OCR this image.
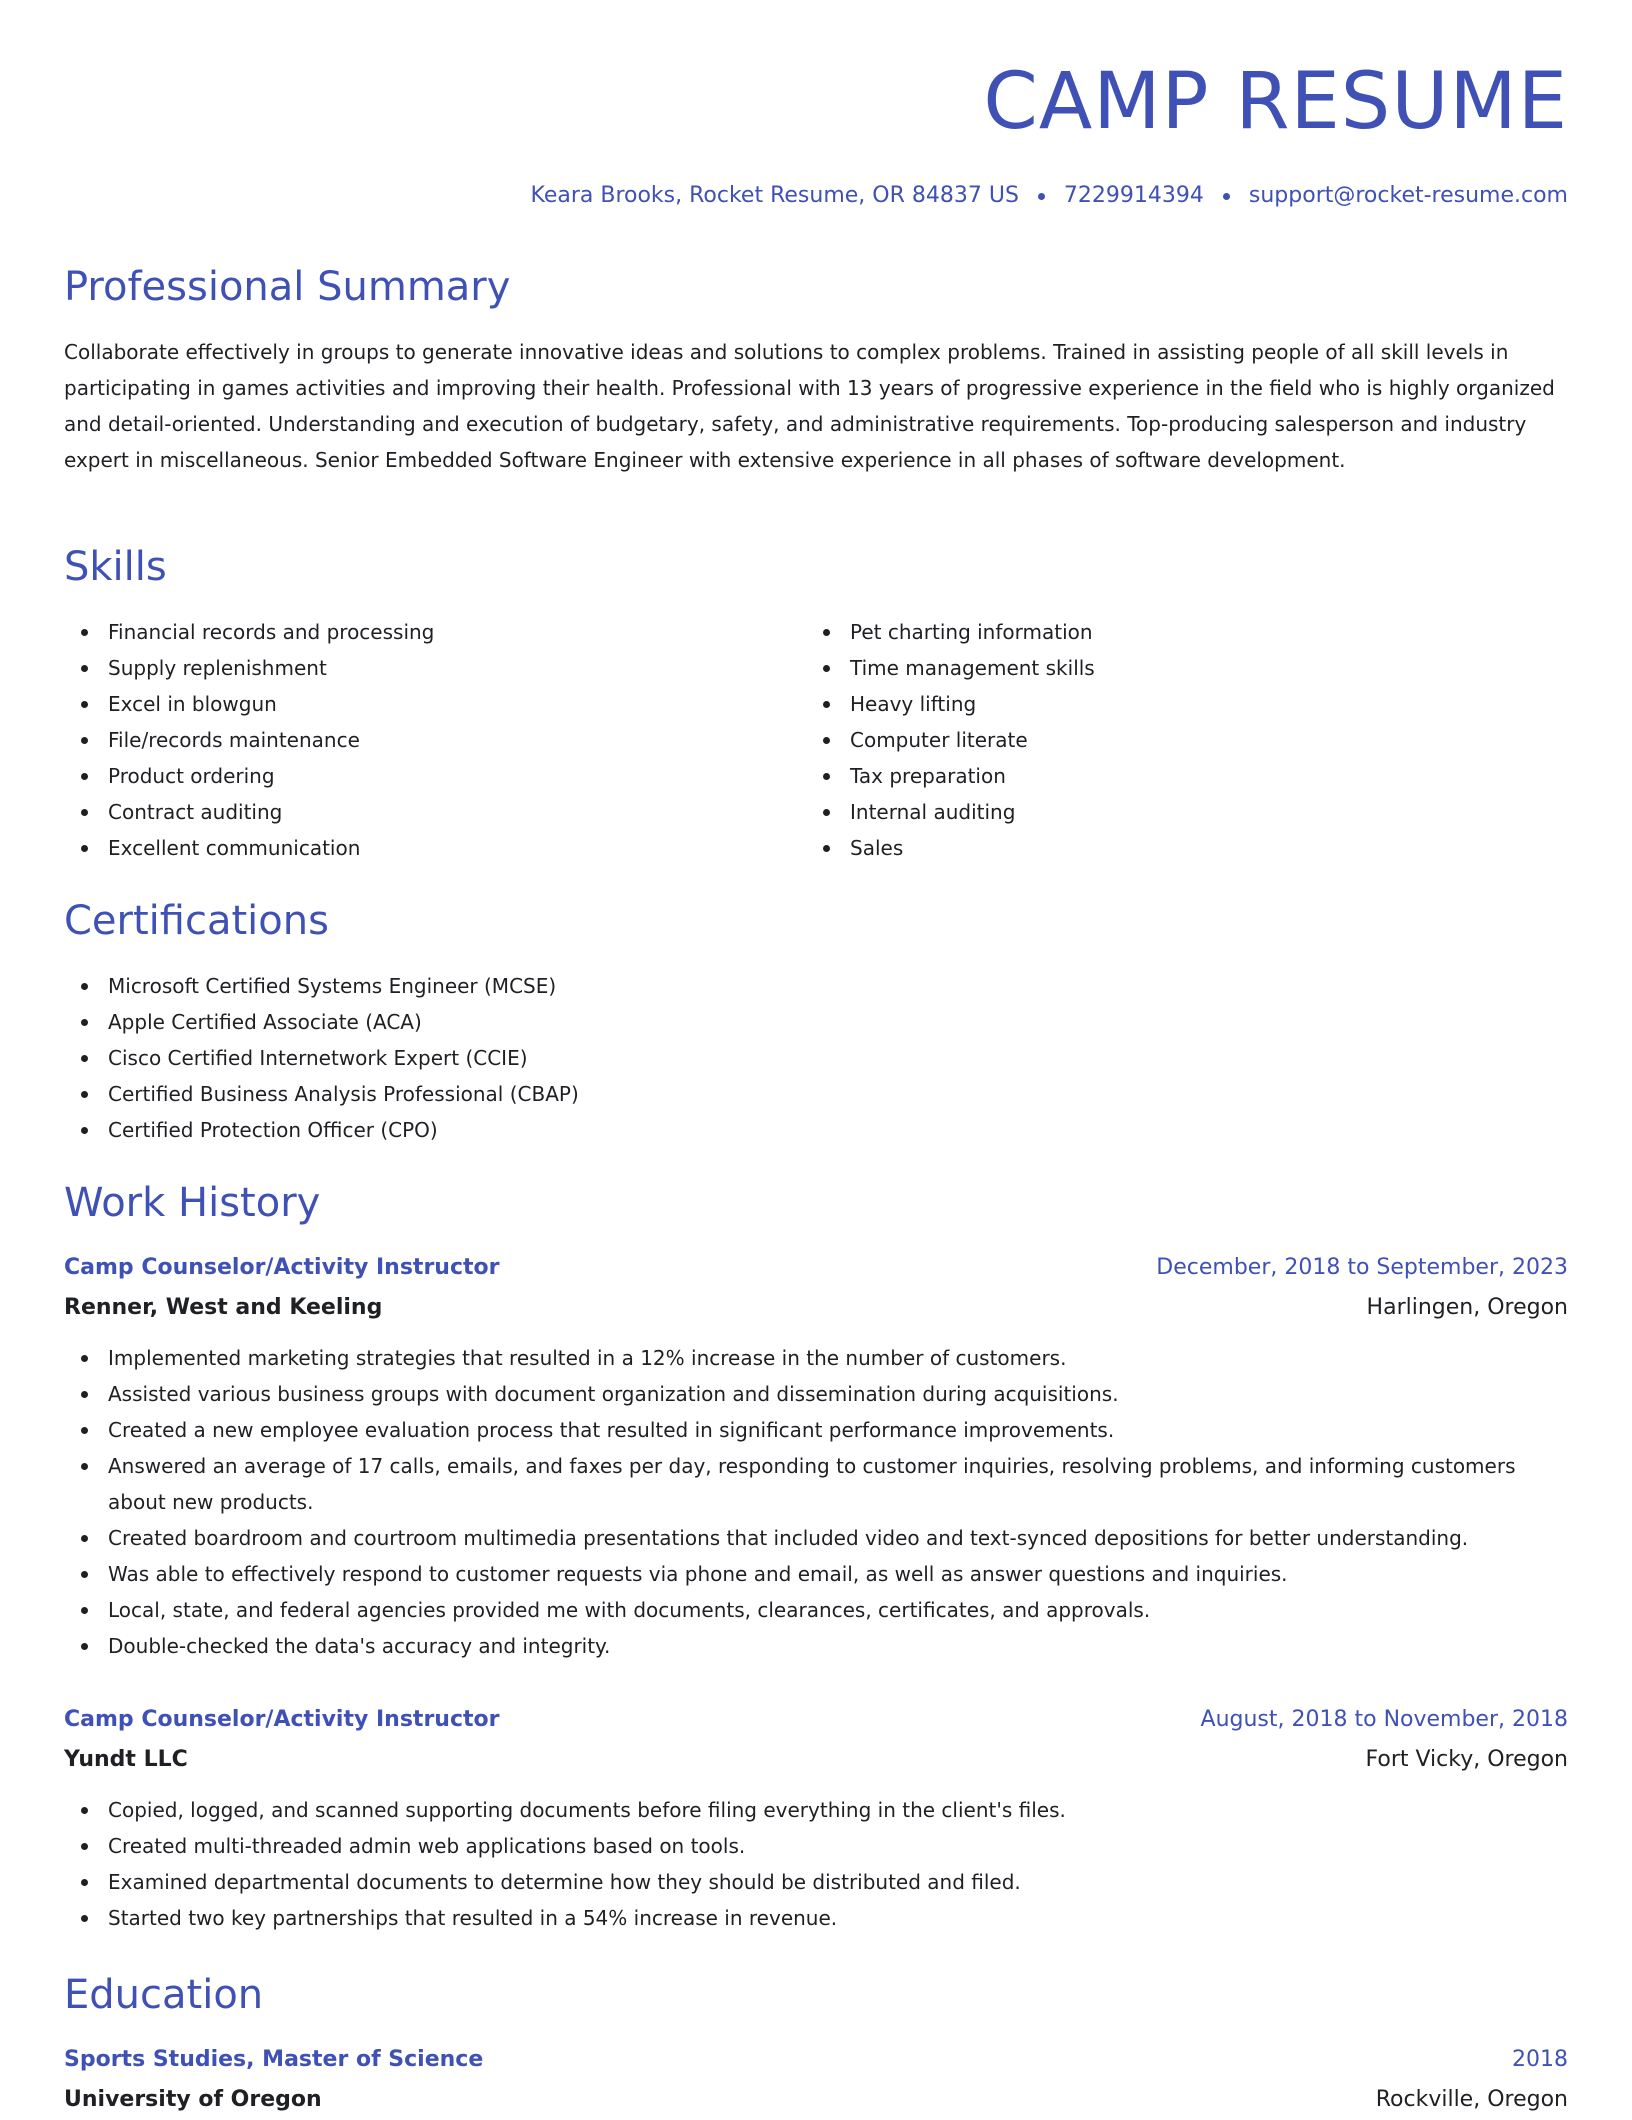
CAMP RESUME
Keara Brooks, Rocket Resume, OR 84837 US 7229914394 support@rocket-resume.com
Professional Summary

Collaborate effectively in groups to generate innovative ideas and solutions to complex problems. Trained in assisting people of all skill levels in participating in games activities and improving their health. Professional with 13 years of progressive experience in the field who is highly organized and detail-oriented. Understanding and execution of budgetary, safety, and administrative requirements. Top-producing salesperson and industry expert in miscellaneous. Senior Embedded Software Engineer with extensive experience in all phases of software development.

Skills
Financial records and processing
Supply replenishment
Excel in blowgun
File/records maintenance
Product ordering
Contract auditing
Excellent communication
Pet charting information
Time management skills
Heavy lifting
Computer literate
Tax preparation
Internal auditing
Sales
Certifications
Microsoft Certified Systems Engineer (MCSE)
Apple Certified Associate (ACA)
Cisco Certified Internetwork Expert (CCIE)
Certified Business Analysis Professional (CBAP)
Certified Protection Officer (CPO)
Work History
Camp Counselor/Activity Instructor	December, 2018 to September, 2023
Renner, West and Keeling	Harlingen, Oregon
Implemented marketing strategies that resulted in a 12% increase in the number of customers.
Assisted various business groups with document organization and dissemination during acquisitions.
Created a new employee evaluation process that resulted in significant performance improvements.
Answered an average of 17 calls, emails, and faxes per day, responding to customer inquiries, resolving problems, and informing customers about new products.
Created boardroom and courtroom multimedia presentations that included video and text-synced depositions for better understanding.
Was able to effectively respond to customer requests via phone and email, as well as answer questions and inquiries.
Local, state, and federal agencies provided me with documents, clearances, certificates, and approvals.
Double-checked the data's accuracy and integrity.
Camp Counselor/Activity Instructor	August, 2018 to November, 2018
Yundt LLC	Fort Vicky, Oregon
Copied, logged, and scanned supporting documents before filing everything in the client's files.
Created multi-threaded admin web applications based on tools.
Examined departmental documents to determine how they should be distributed and filed.
Started two key partnerships that resulted in a 54% increase in revenue.
Education
Sports Studies, Master of Science	2018
University of Oregon	Rockville, Oregon
